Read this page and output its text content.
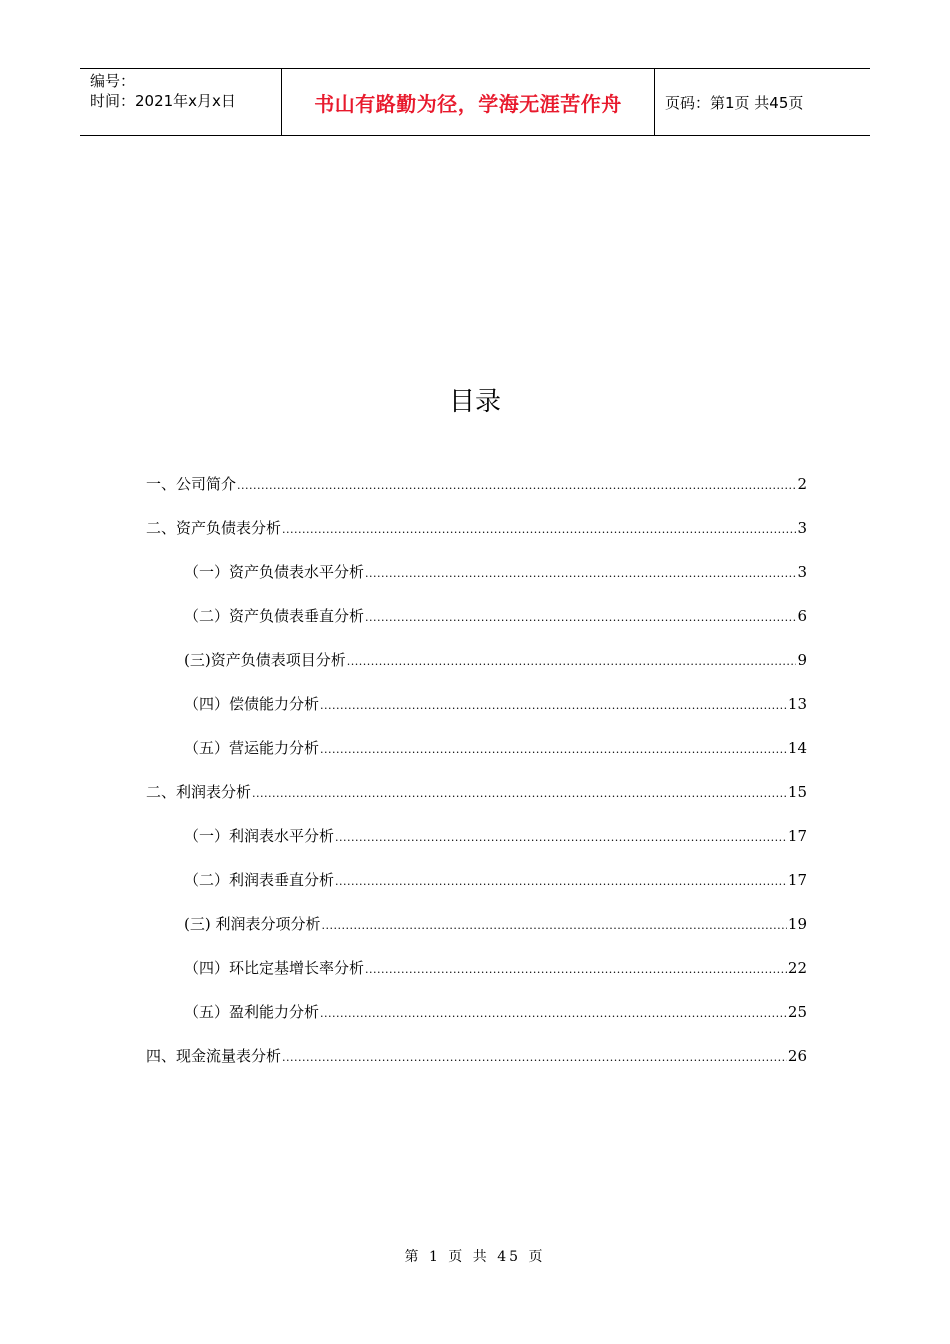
编号：
时间：2021年x月x日	书山有路勤为径，学海无涯苦作舟	页码：第1页 共45页
目录
一、公司简介 .....	2
二、资产负债表分析 .....	3
（一）资产负债表水平分析 .....	3
（二）资产负债表垂直分析 .....	6
(三)资产负债表项目分析 .....	9
（四）偿债能力分析 .....	13
（五）营运能力分析 .....	14
二、利润表分析 .....	15
（一）利润表水平分析 .....	17
（二）利润表垂直分析 .....	17
(三) 利润表分项分析 .....	19
（四）环比定基增长率分析 .....	22
（五）盈利能力分析 .....	25
四、现金流量表分析 .....	26
第 1 页 共 45 页
